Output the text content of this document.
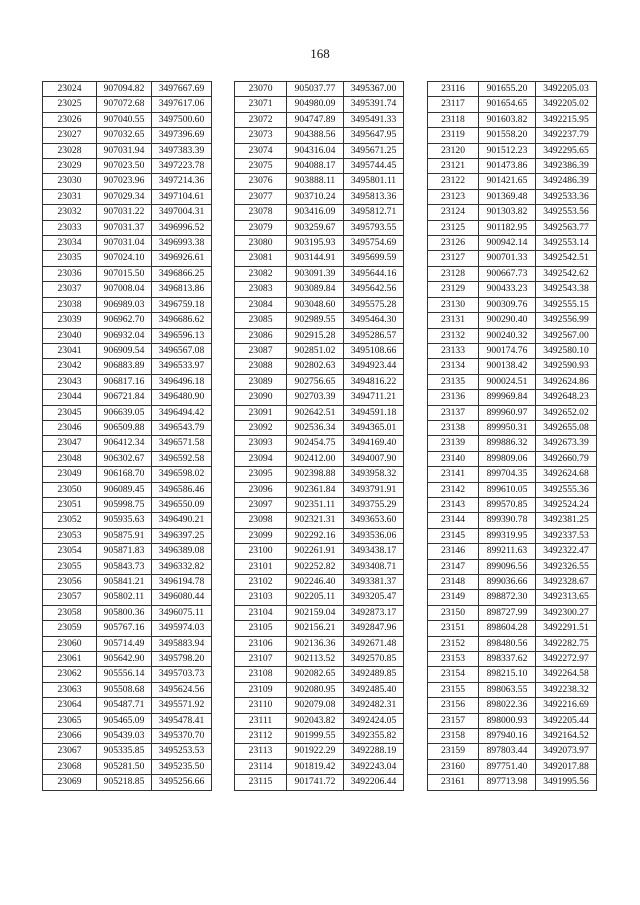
168
23024	907094.82	3497667.69
23025	907072.68	3497617.06
23026	907040.55	3497500.60
23027	907032.65	3497396.69
23028	907031.94	3497383.39
23029	907023.50	3497223.78
23030	907023.96	3497214.36
23031	907029.34	3497104.61
23032	907031.22	3497004.31
23033	907031.37	3496996.52
23034	907031.04	3496993.38
23035	907024.10	3496926.61
23036	907015.50	3496866.25
23037	907008.04	3496813.86
23038	906989.03	3496759.18
23039	906962.70	3496686.62
23040	906932.04	3496596.13
23041	906909.54	3496567.08
23042	906883.89	3496533.97
23043	906817.16	3496496.18
23044	906721.84	3496480.90
23045	906639.05	3496494.42
23046	906509.88	3496543.79
23047	906412.34	3496571.58
23048	906302.67	3496592.58
23049	906168.70	3496598.02
23050	906089.45	3496586.46
23051	905998.75	3496550.09
23052	905935.63	3496490.21
23053	905875.91	3496397.25
23054	905871.83	3496389.08
23055	905843.73	3496332.82
23056	905841.21	3496194.78
23057	905802.11	3496080.44
23058	905800.36	3496075.11
23059	905767.16	3495974.03
23060	905714.49	3495883.94
23061	905642.90	3495798.20
23062	905556.14	3495703.73
23063	905508.68	3495624.56
23064	905487.71	3495571.92
23065	905465.09	3495478.41
23066	905439.03	3495370.70
23067	905335.85	3495253.53
23068	905281.50	3495235.50
23069	905218.85	3495256.66
23070	905037.77	3495367.00
23071	904980.09	3495391.74
23072	904747.89	3495491.33
23073	904388.56	3495647.95
23074	904316.04	3495671.25
23075	904088.17	3495744.45
23076	903888.11	3495801.11
23077	903710.24	3495813.36
23078	903416.09	3495812.71
23079	903259.67	3495793.55
23080	903195.93	3495754.69
23081	903144.91	3495699.59
23082	903091.39	3495644.16
23083	903089.84	3495642.56
23084	903048.60	3495575.28
23085	902989.55	3495464.30
23086	902915.28	3495286.57
23087	902851.02	3495108.66
23088	902802.63	3494923.44
23089	902756.65	3494816.22
23090	902703.39	3494711.21
23091	902642.51	3494591.18
23092	902536.34	3494365.01
23093	902454.75	3494169.40
23094	902412.00	3494007.90
23095	902398.88	3493958.32
23096	902361.84	3493791.91
23097	902351.11	3493755.29
23098	902321.31	3493653.60
23099	902292.16	3493536.06
23100	902261.91	3493438.17
23101	902252.82	3493408.71
23102	902246.40	3493381.37
23103	902205.11	3493205.47
23104	902159.04	3492873.17
23105	902156.21	3492847.96
23106	902136.36	3492671.48
23107	902113.52	3492570.85
23108	902082.65	3492489.85
23109	902080.95	3492485.40
23110	902079.08	3492482.31
23111	902043.82	3492424.05
23112	901999.55	3492355.82
23113	901922.29	3492288.19
23114	901819.42	3492243.04
23115	901741.72	3492206.44
23116	901655.20	3492205.03
23117	901654.65	3492205.02
23118	901603.82	3492215.95
23119	901558.20	3492237.79
23120	901512.23	3492295.65
23121	901473.86	3492386.39
23122	901421.65	3492486.39
23123	901369.48	3492533.36
23124	901303.82	3492553.56
23125	901182.95	3492563.77
23126	900942.14	3492553.14
23127	900701.33	3492542.51
23128	900667.73	3492542.62
23129	900433.23	3492543.38
23130	900309.76	3492555.15
23131	900290.40	3492556.99
23132	900240.32	3492567.00
23133	900174.76	3492580.10
23134	900138.42	3492590.93
23135	900024.51	3492624.86
23136	899969.84	3492648.23
23137	899960.97	3492652.02
23138	899950.31	3492655.08
23139	899886.32	3492673.39
23140	899809.06	3492660.79
23141	899704.35	3492624.68
23142	899610.05	3492555.36
23143	899570.85	3492524.24
23144	899390.78	3492381.25
23145	899319.95	3492337.53
23146	899211.63	3492322.47
23147	899096.56	3492326.55
23148	899036.66	3492328.67
23149	898872.30	3492313.65
23150	898727.99	3492300.27
23151	898604.28	3492291.51
23152	898480.56	3492282.75
23153	898337.62	3492272.97
23154	898215.10	3492264.58
23155	898063.55	3492238.32
23156	898022.36	3492216.69
23157	898000.93	3492205.44
23158	897940.16	3492164.52
23159	897803.44	3492073.97
23160	897751.40	3492017.88
23161	897713.98	3491995.56
